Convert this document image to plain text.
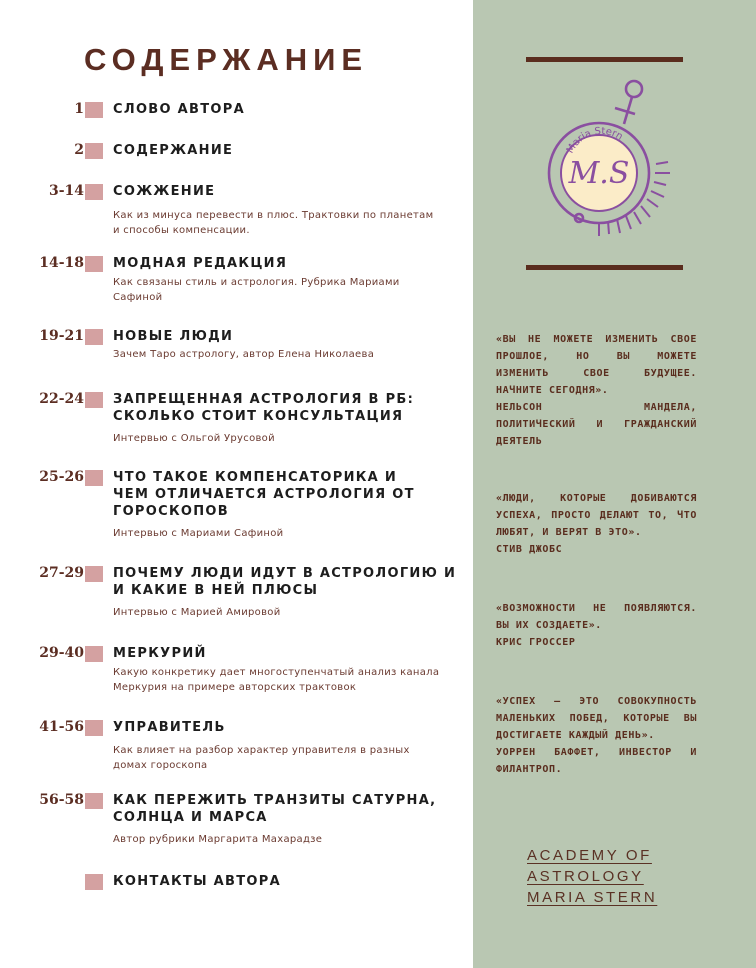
Maria Stern
M.S
СОДЕРЖАНИЕ
1 СЛОВО АВТОРА
2 СОДЕРЖАНИЕ
3-14 СОЖЖЕНИЕ
Как из минуса перевести в плюс. Трактовки по планетам
и способы компенсации.
14-18 МОДНАЯ РЕДАКЦИЯ
Как связаны стиль и астрология. Рубрика Мариами
Сафиной
19-21 НОВЫЕ ЛЮДИ
Зачем Таро астрологу, автор Елена Николаева
22-24 ЗАПРЕЩЕННАЯ АСТРОЛОГИЯ В РБ:
СКОЛЬКО СТОИТ КОНСУЛЬТАЦИЯ
Интервью с Ольгой Урусовой
25-26 ЧТО ТАКОЕ КОМПЕНСАТОРИКА И
ЧЕМ ОТЛИЧАЕТСЯ АСТРОЛОГИЯ ОТ
ГОРОСКОПОВ
Интервью с Мариами Сафиной
27-29 ПОЧЕМУ ЛЮДИ ИДУТ В АСТРОЛОГИЮ И
И КАКИЕ В НЕЙ ПЛЮСЫ
Интервью с Марией Амировой
29-40 МЕРКУРИЙ
Какую конкретику дает многоступенчатый анализ канала
Меркурия на примере авторских трактовок
41-56 УПРАВИТЕЛЬ
Как влияет на разбор характер управителя в разных
домах гороскопа
56-58 КАК ПЕРЕЖИТЬ ТРАНЗИТЫ САТУРНА,
СОЛНЦА И МАРСА
Автор рубрики Маргарита Махарадзе
КОНТАКТЫ АВТОРА
«ВЫ НЕ МОЖЕТЕ ИЗМЕНИТЬ СВОЕ
ПРОШЛОЕ, НО ВЫ МОЖЕТЕ
ИЗМЕНИТЬ СВОЕ БУДУЩЕЕ.
НАЧНИТЕ СЕГОДНЯ».
НЕЛЬСОН МАНДЕЛА,
ПОЛИТИЧЕСКИЙ И ГРАЖДАНСКИЙ
ДЕЯТЕЛЬ
«ЛЮДИ, КОТОРЫЕ ДОБИВАЮТСЯ
УСПЕХА, ПРОСТО ДЕЛАЮТ ТО, ЧТО
ЛЮБЯТ, И ВЕРЯТ В ЭТО».
СТИВ ДЖОБС
«ВОЗМОЖНОСТИ НЕ ПОЯВЛЯЮТСЯ.
ВЫ ИХ СОЗДАЕТЕ».
КРИС ГРОССЕР
«УСПЕХ — ЭТО СОВОКУПНОСТЬ
МАЛЕНЬКИХ ПОБЕД, КОТОРЫЕ ВЫ
ДОСТИГАЕТЕ КАЖДЫЙ ДЕНЬ».
УОРРЕН БАФФЕТ, ИНВЕСТОР И
ФИЛАНТРОП.
ACADEMY OF
ASTROLOGY
MARIA STERN
